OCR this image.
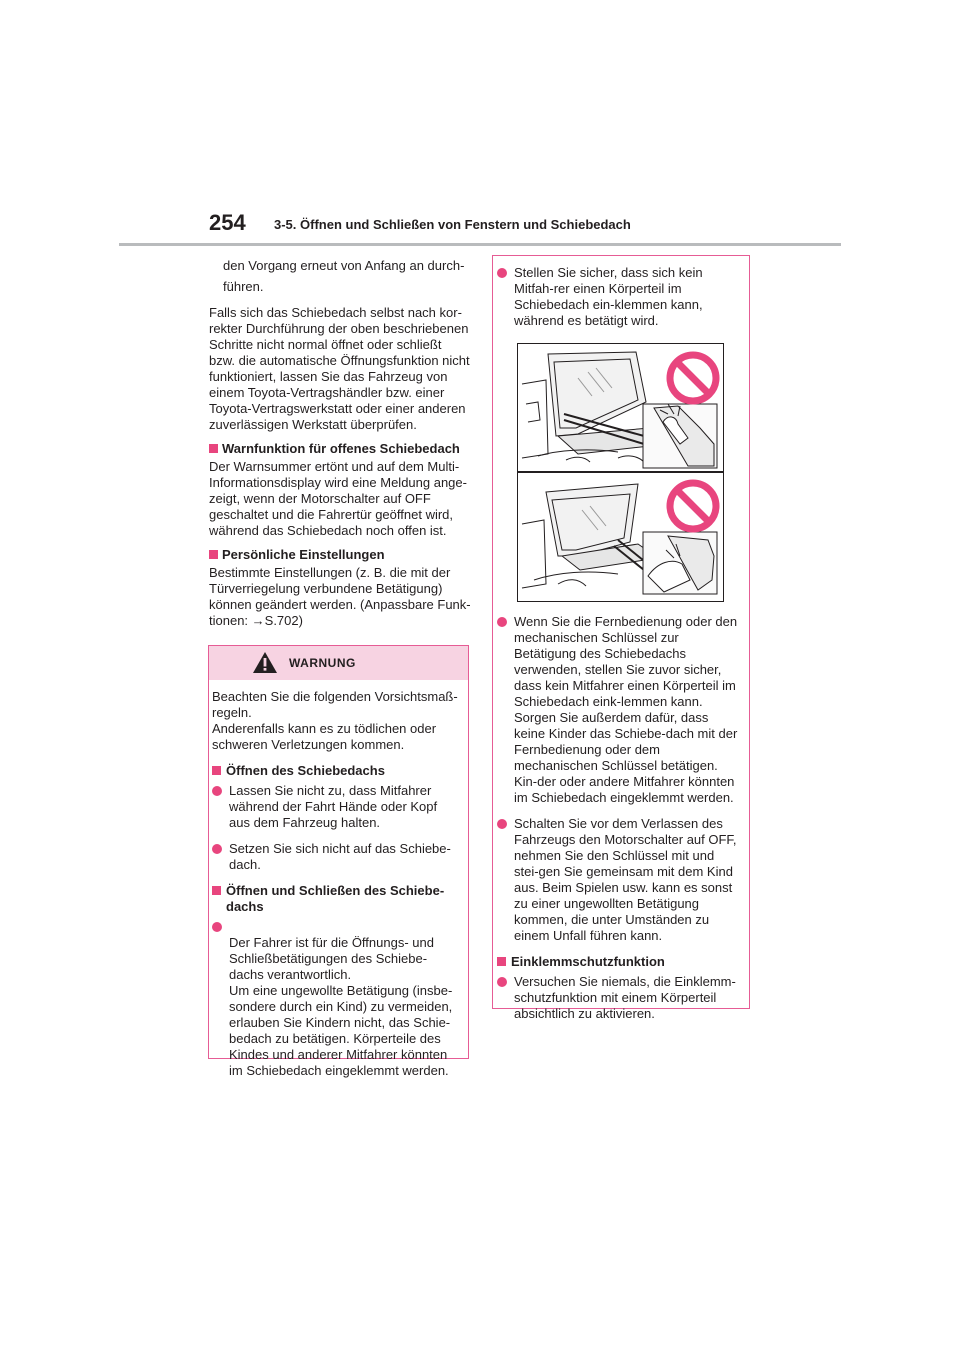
254 3-5. Öffnen und Schließen von Fenstern und Schiebedach
den Vorgang erneut von Anfang an durch-
führen.

Falls sich das Schiebedach selbst nach kor-rekter Durchführung der oben beschriebenen Schritte nicht normal öffnet oder schließt bzw. die automatische Öffnungsfunktion nicht funktioniert, lassen Sie das Fahrzeug von einem Toyota-Vertragshändler bzw. einer Toyota-Vertragswerkstatt oder einer anderen zuverlässigen Werkstatt überprüfen.

Warnfunktion für offenes Schiebedach

Der Warnsummer ertönt und auf dem Multi-Informationsdisplay wird eine Meldung ange-zeigt, wenn der Motorschalter auf OFF geschaltet und die Fahrertür geöffnet wird, während das Schiebedach noch offen ist.

Persönliche Einstellungen

Bestimmte Einstellungen (z. B. die mit der Türverriegelung verbundene Betätigung) können geändert werden. (Anpassbare Funk-tionen: →S.702)

WARNUNG

Beachten Sie die folgenden Vorsichtsmaß-regeln.
Anderenfalls kann es zu tödlichen oder schweren Verletzungen kommen.

Öffnen des Schiebedachs
Lassen Sie nicht zu, dass Mitfahrer während der Fahrt Hände oder Kopf aus dem Fahrzeug halten.
Setzen Sie sich nicht auf das Schiebe-dach.
Öffnen und Schließen des Schiebe-dachs

Der Fahrer ist für die Öffnungs- und Schließbetätigungen des Schiebe-dachs verantwortlich.
Um eine ungewollte Betätigung (insbe-sondere durch ein Kind) zu vermeiden, erlauben Sie Kindern nicht, das Schie-bedach zu betätigen. Körperteile des Kindes und anderer Mitfahrer könnten im Schiebedach eingeklemmt werden.

Stellen Sie sicher, dass sich kein Mitfah-rer einen Körperteil im Schiebedach ein-klemmen kann, während es betätigt wird.
Wenn Sie die Fernbedienung oder den mechanischen Schlüssel zur Betätigung des Schiebedachs verwenden, stellen Sie zuvor sicher, dass kein Mitfahrer einen Körperteil im Schiebedach eink-lemmen kann. Sorgen Sie außerdem dafür, dass keine Kinder das Schiebe-dach mit der Fernbedienung oder dem mechanischen Schlüssel betätigen. Kin-der oder andere Mitfahrer könnten im Schiebedach eingeklemmt werden.
Schalten Sie vor dem Verlassen des Fahrzeugs den Motorschalter auf OFF, nehmen Sie den Schlüssel mit und stei-gen Sie gemeinsam mit dem Kind aus. Beim Spielen usw. kann es sonst zu einer ungewollten Betätigung kommen, die unter Umständen zu einem Unfall führen kann.
Einklemmschutzfunktion
Versuchen Sie niemals, die Einklemm-schutzfunktion mit einem Körperteil absichtlich zu aktivieren.
